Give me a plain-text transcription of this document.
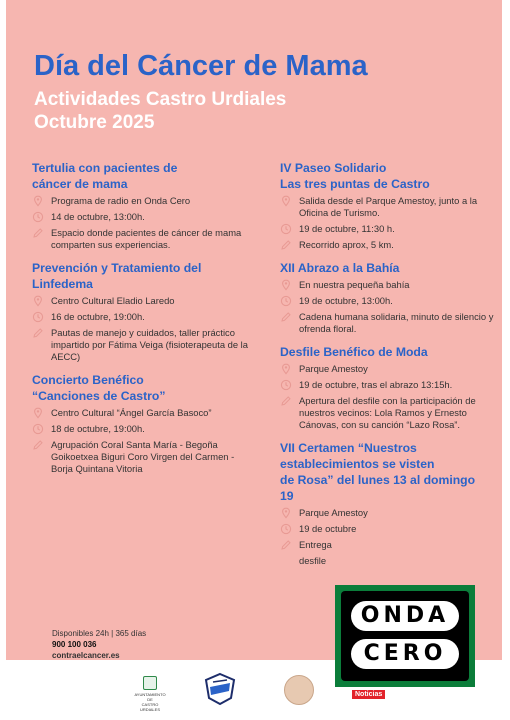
Día del Cáncer de Mama
Actividades Castro Urdiales
Octubre 2025
Tertulia con pacientes de
cáncer de mama
Programa de radio en Onda Cero
14 de octubre, 13:00h.
Espacio donde pacientes de cáncer de mama comparten sus experiencias.
Prevención y Tratamiento del
Linfedema
Centro Cultural Eladio Laredo
16 de octubre, 19:00h.
Pautas de manejo y cuidados, taller práctico impartido por Fátima Veiga (fisioterapeuta de la AECC)
Concierto Benéfico
“Canciones de Castro”
Centro Cultural “Ángel García Basoco”
18 de octubre, 19:00h.
Agrupación Coral Santa María - Begoña Goikoetxea Biguri Coro Virgen del Carmen - Borja Quintana Vitoria
IV Paseo Solidario
Las tres puntas de Castro
Salida desde el Parque Amestoy, junto a la Oficina de Turismo.
19 de octubre, 11:30 h.
Recorrido aprox, 5 km.
XII Abrazo a la Bahía
En nuestra pequeña bahía
19 de octubre, 13:00h.
Cadena humana solidaria, minuto de silencio y ofrenda floral.
Desfile Benéfico de Moda
Parque Amestoy
19 de octubre, tras el abrazo 13:15h.
Apertura del desfile con la participación de nuestros vecinos: Lola Ramos y Ernesto Cánovas, con su canción “Lazo Rosa”.
VII Certamen “Nuestros
establecimientos se visten
de Rosa” del lunes 13 al domingo
19
Parque Amestoy
19 de octubre
Entrega
desfile
Disponibles 24h | 365 días
900 100 036
contraelcancer.es
AYUNTAMIENTO DE
CASTRO URDIALES
Noticias
ONDA
CERO
